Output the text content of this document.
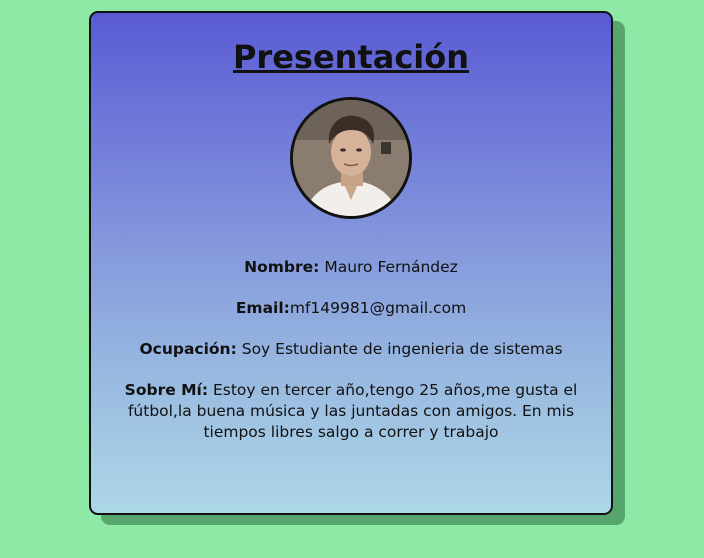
Presentación

Nombre: Mauro Fernández

Email:mf149981@gmail.com

Ocupación: Soy Estudiante de ingenieria de sistemas

Sobre Mí: Estoy en tercer año,tengo 25 años,me gusta el fútbol,la buena música y las juntadas con amigos. En mis tiempos libres salgo a correr y trabajo
